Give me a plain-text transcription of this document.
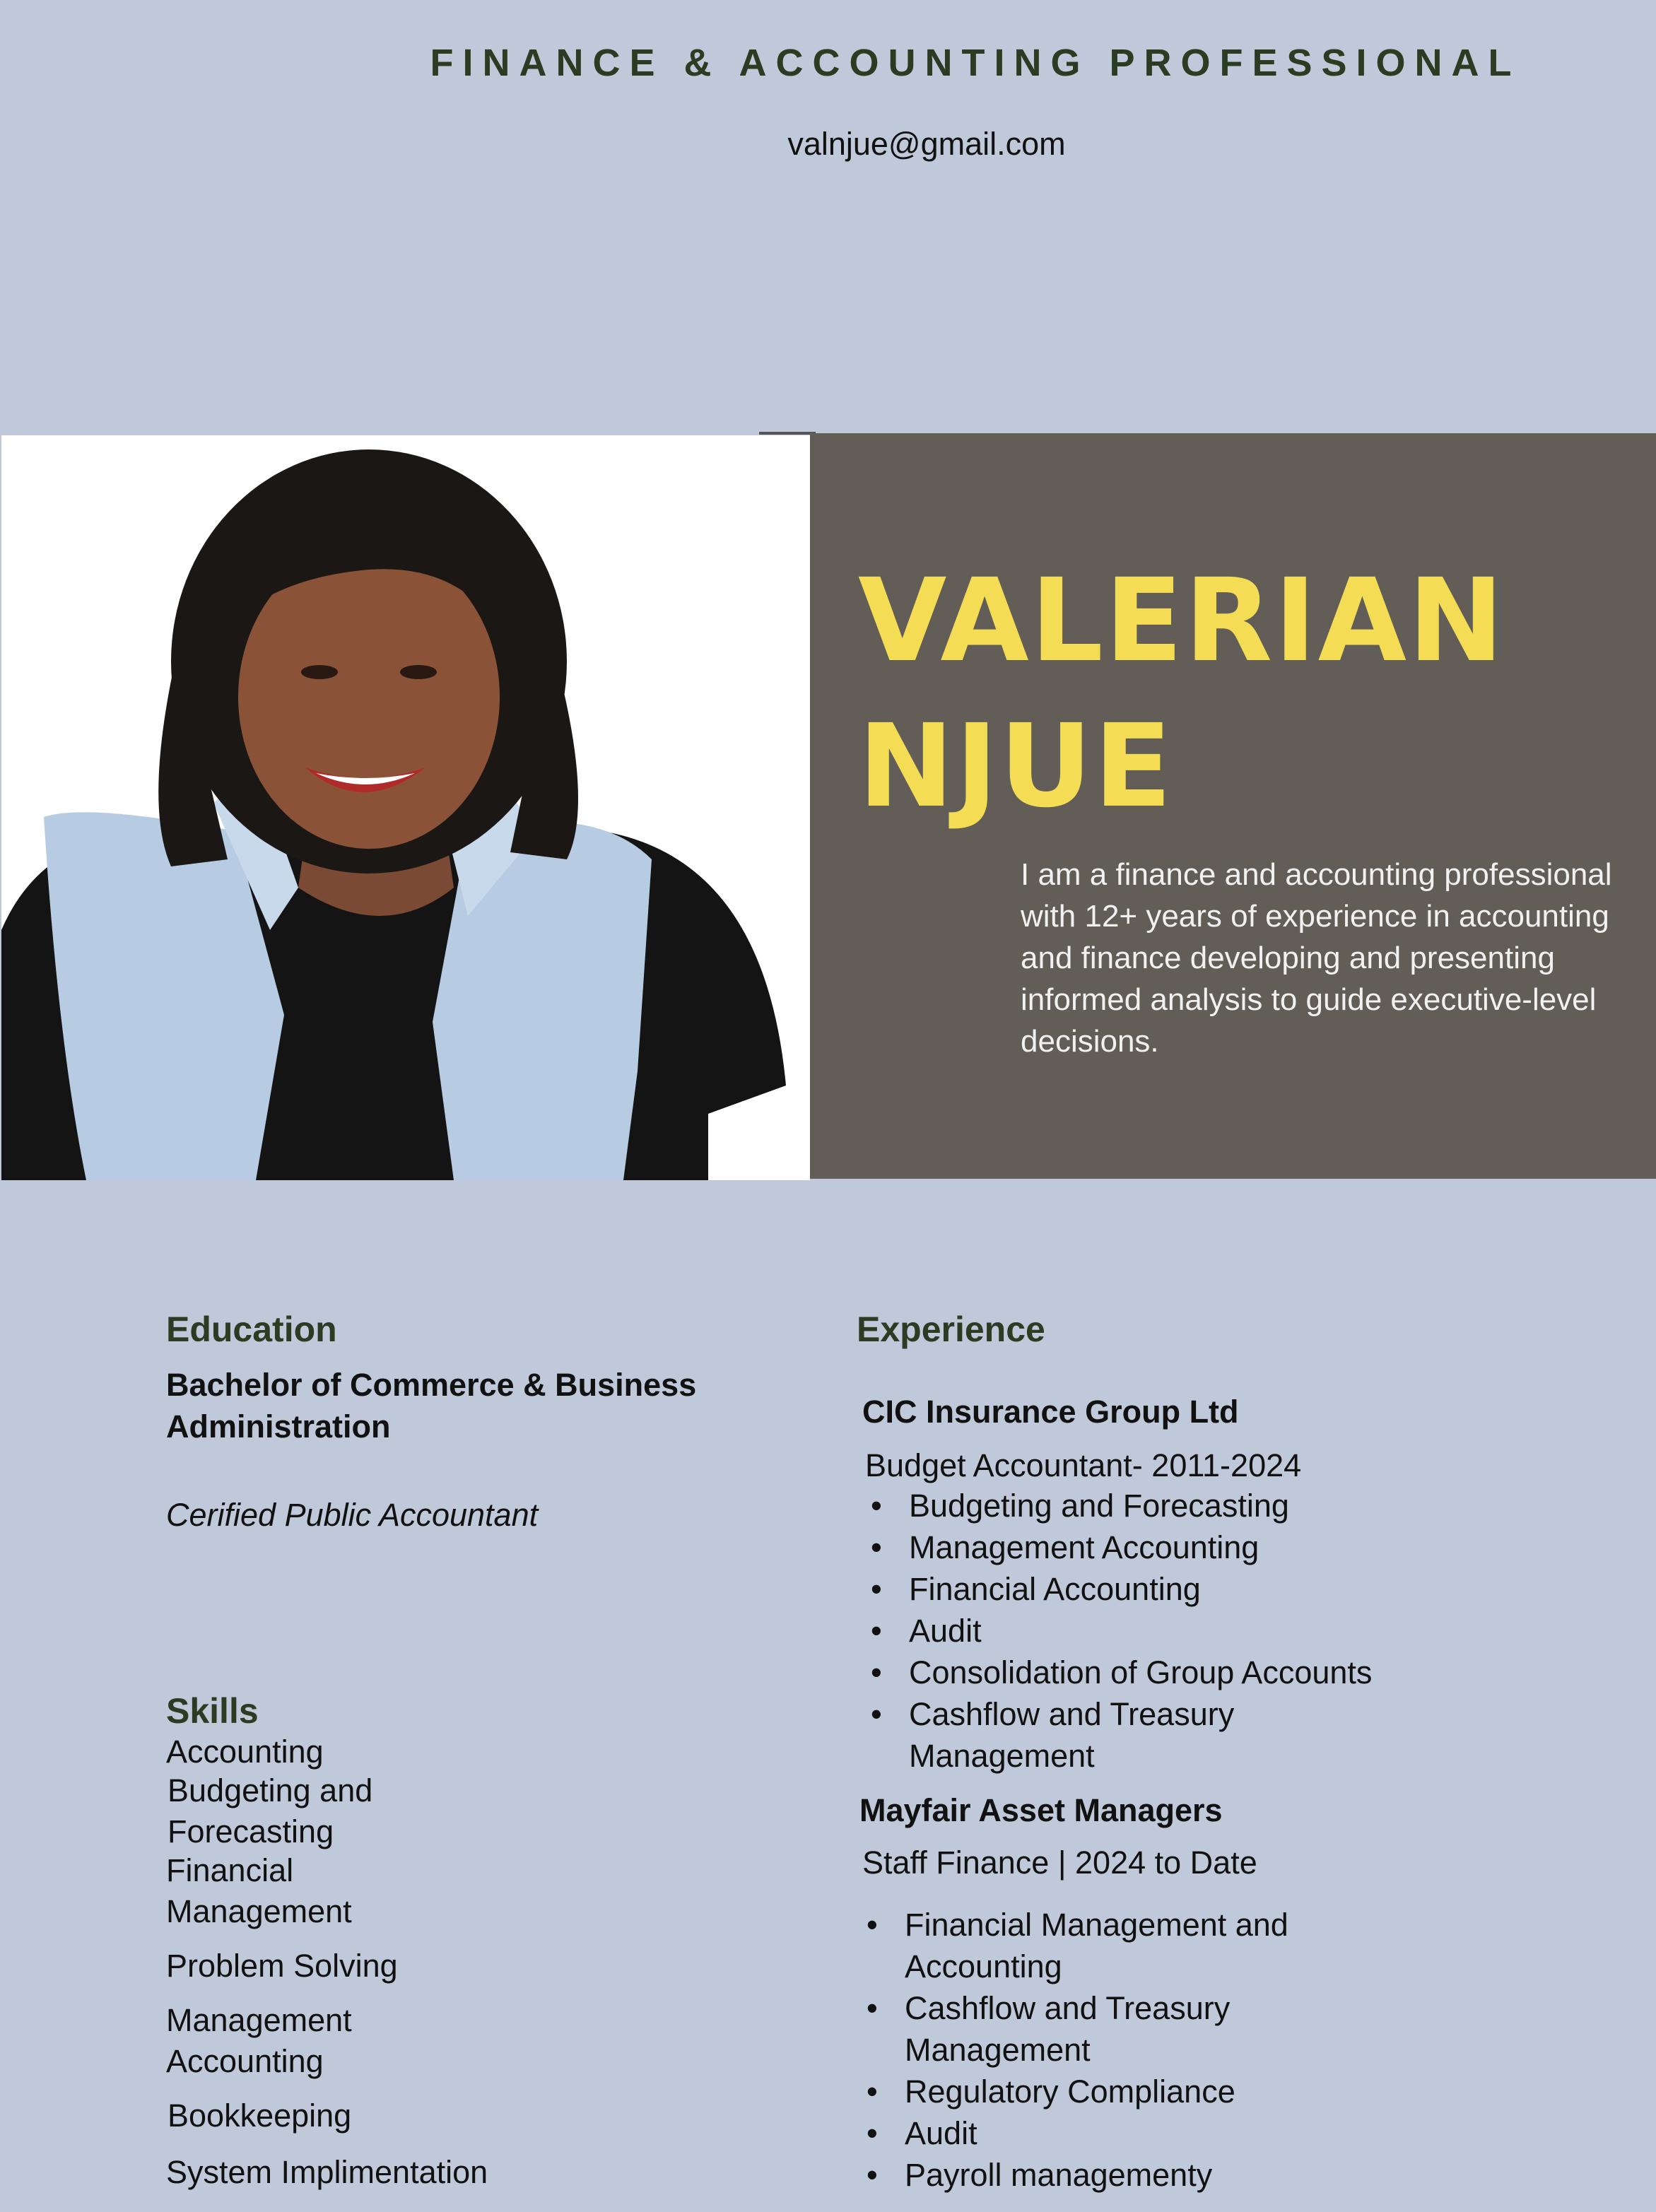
FINANCE & ACCOUNTING PROFESSIONAL
valnjue@gmail.com
VALERIAN
NJUE
I am a finance and accounting professional with 12+ years of experience in accounting and finance developing and presenting informed analysis to guide executive-level decisions.
Education
Bachelor of Commerce & Business
Administration
Cerified Public Accountant
Skills
Accounting
Budgeting and
Forecasting
Financial
Management
Problem Solving
Management
Accounting
Bookkeeping
System Implimentation
Experience
CIC Insurance Group Ltd
Budget Accountant- 2011-2024
• Budgeting and Forecasting
• Management Accounting
• Financial Accounting
• Audit
• Consolidation of Group Accounts
• Cashflow and Treasury
Management
Mayfair Asset Managers
Staff Finance | 2024 to Date
• Financial Management and
Accounting
• Cashflow and Treasury
Management
• Regulatory Compliance
• Audit
• Payroll managementy
